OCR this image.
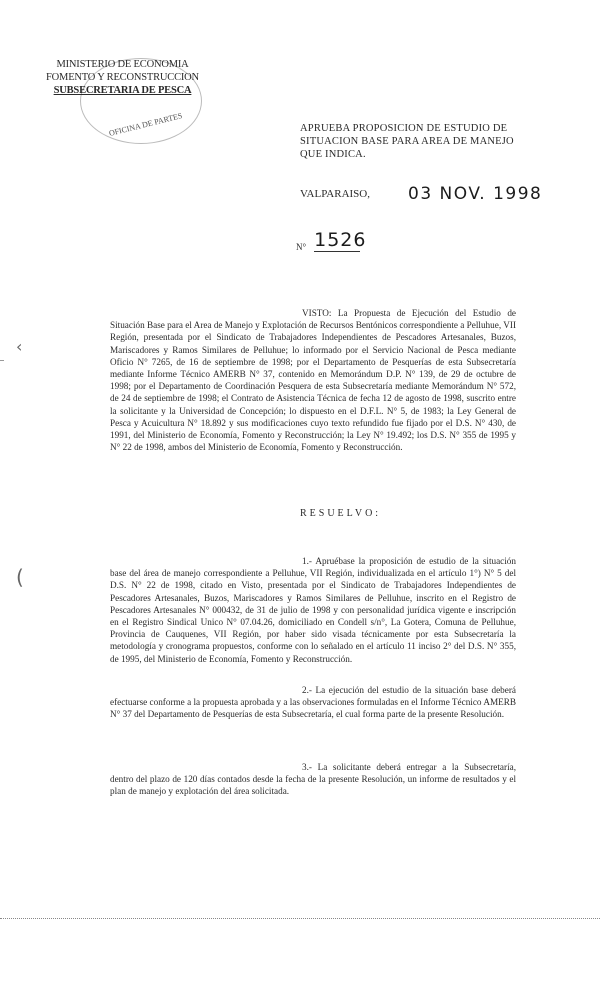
OFICINA DE PARTES
MINISTERIO DE ECONOMIA
FOMENTO Y RECONSTRUCCION
SUBSECRETARIA DE PESCA
APRUEBA PROPOSICION DE ESTUDIO DE SITUACION BASE PARA AREA DE MANEJO QUE INDICA.
VALPARAISO, 03 NOV. 1998
N° 1526

VISTO: La Propuesta de Ejecución del Estudio de Situación Base para el Area de Manejo y Explotación de Recursos Bentónicos correspondiente a Pelluhue, VII Región, presentada por el Sindicato de Trabajadores Independientes de Pescadores Artesanales, Buzos, Mariscadores y Ramos Similares de Pelluhue; lo informado por el Servicio Nacional de Pesca mediante Oficio N° 7265, de 16 de septiembre de 1998; por el Departamento de Pesquerías de esta Subsecretaría mediante Informe Técnico AMERB N° 37, contenido en Memorándum D.P. N° 139, de 29 de octubre de 1998; por el Departamento de Coordinación Pesquera de esta Subsecretaría mediante Memorándum N° 572, de 24 de septiembre de 1998; el Contrato de Asistencia Técnica de fecha 12 de agosto de 1998, suscrito entre la solicitante y la Universidad de Concepción; lo dispuesto en el D.F.L. N° 5, de 1983; la Ley General de Pesca y Acuicultura N° 18.892 y sus modificaciones cuyo texto refundido fue fijado por el D.S. N° 430, de 1991, del Ministerio de Economía, Fomento y Reconstrucción; la Ley N° 19.492; los D.S. N° 355 de 1995 y N° 22 de 1998, ambos del Ministerio de Economía, Fomento y Reconstrucción.

RESUELVO:

1.- Apruébase la proposición de estudio de la situación base del área de manejo correspondiente a Pelluhue, VII Región, individualizada en el artículo 1°) N° 5 del D.S. N° 22 de 1998, citado en Visto, presentada por el Sindicato de Trabajadores Independientes de Pescadores Artesanales, Buzos, Mariscadores y Ramos Similares de Pelluhue, inscrito en el Registro de Pescadores Artesanales N° 000432, de 31 de julio de 1998 y con personalidad jurídica vigente e inscripción en el Registro Sindical Unico N° 07.04.26, domiciliado en Condell s/n°, La Gotera, Comuna de Pelluhue, Provincia de Cauquenes, VII Región, por haber sido visada técnicamente por esta Subsecretaría la metodología y cronograma propuestos, conforme con lo señalado en el artículo 11 inciso 2° del D.S. N° 355, de 1995, del Ministerio de Economía, Fomento y Reconstrucción.

2.- La ejecución del estudio de la situación base deberá efectuarse conforme a la propuesta aprobada y a las observaciones formuladas en el Informe Técnico AMERB N° 37 del Departamento de Pesquerías de esta Subsecretaría, el cual forma parte de la presente Resolución.

3.- La solicitante deberá entregar a la Subsecretaría, dentro del plazo de 120 días contados desde la fecha de la presente Resolución, un informe de resultados y el plan de manejo y explotación del área solicitada.

‹
(
